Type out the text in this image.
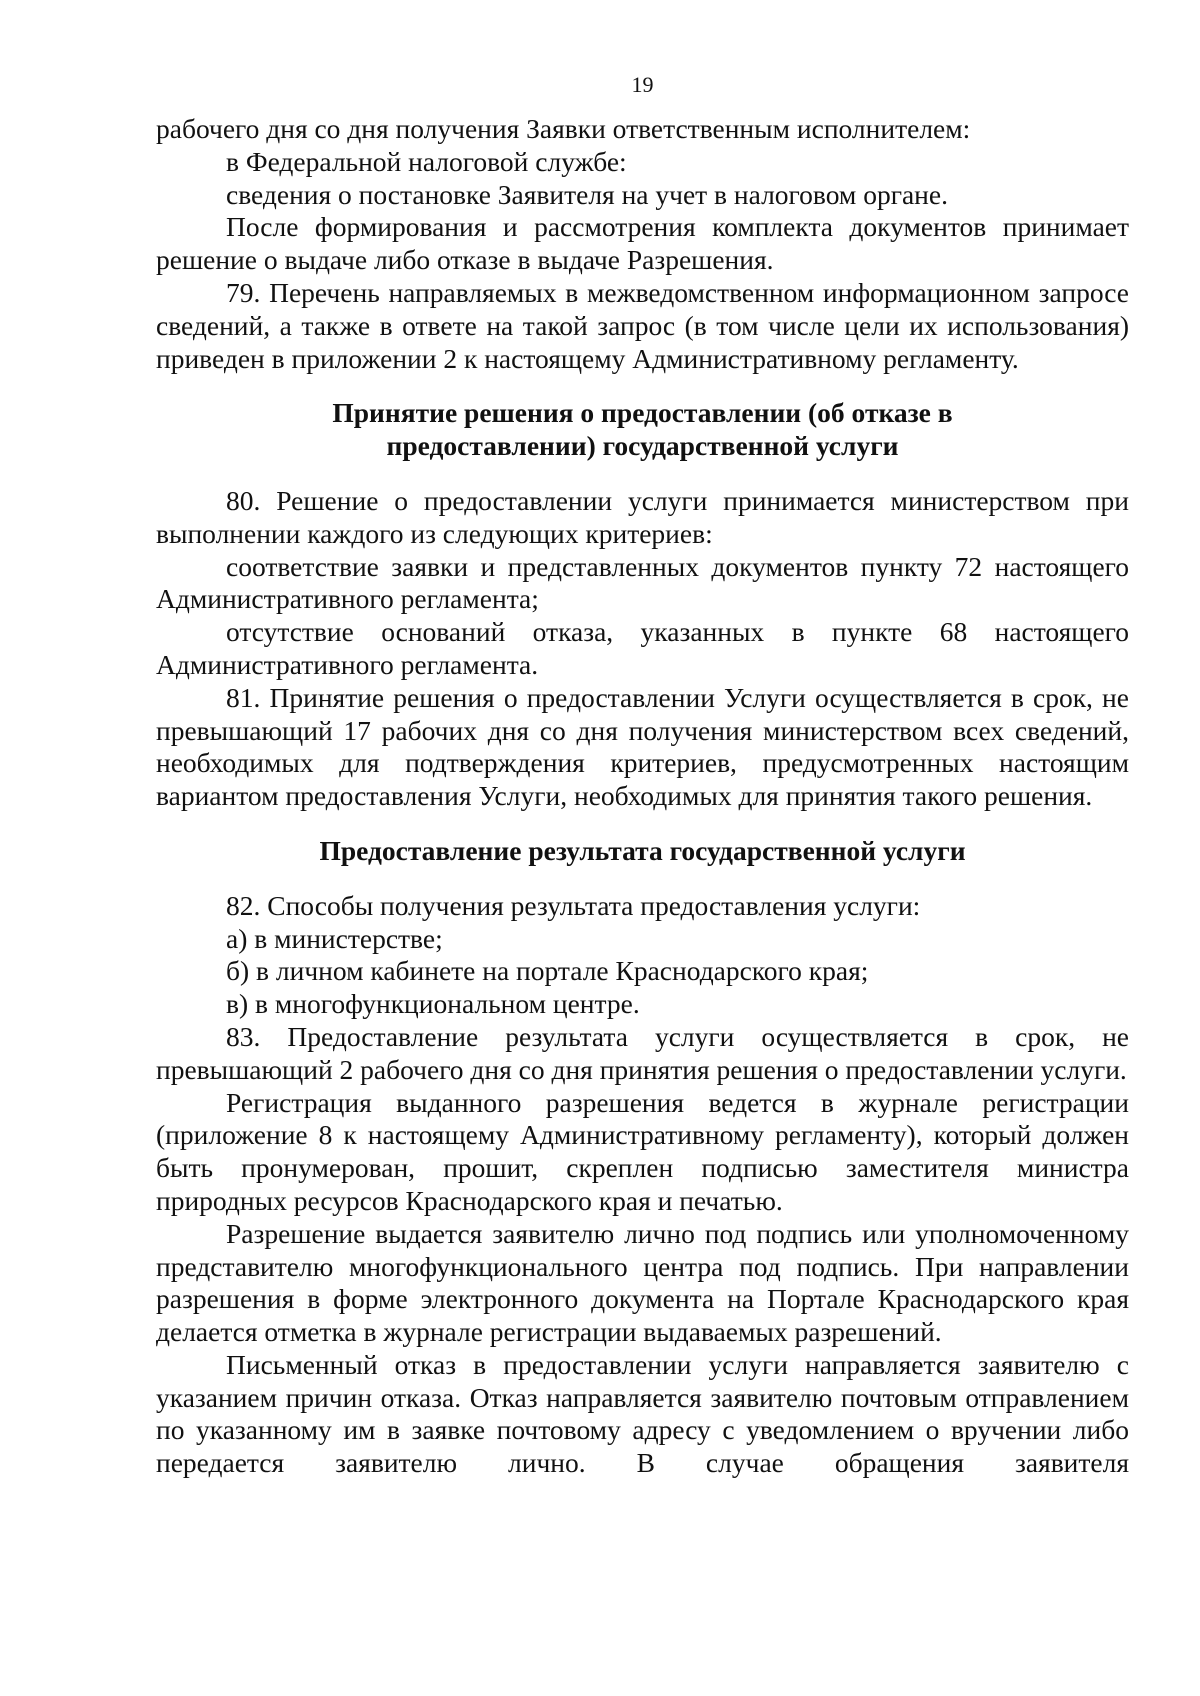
19

рабочего дня со дня получения Заявки ответственным исполнителем:

в Федеральной налоговой службе:

сведения о постановке Заявителя на учет в налоговом органе.

После формирования и рассмотрения комплекта документов принимает решение о выдаче либо отказе в выдаче Разрешения.

79. Перечень направляемых в межведомственном информационном запросе сведений, а также в ответе на такой запрос (в том числе цели их использования) приведен в приложении 2 к настоящему Административному регламенту.

Принятие решения о предоставлении (об отказе в предоставлении) государственной услуги

80. Решение о предоставлении услуги принимается министерством при выполнении каждого из следующих критериев:

соответствие заявки и представленных документов пункту 72 настоящего Административного регламента;

отсутствие оснований отказа, указанных в пункте 68 настоящего Административного регламента.

81. Принятие решения о предоставлении Услуги осуществляется в срок, не превышающий 17 рабочих дня со дня получения министерством всех сведений, необходимых для подтверждения критериев, предусмотренных настоящим вариантом предоставления Услуги, необходимых для принятия такого решения.

Предоставление результата государственной услуги

82. Способы получения результата предоставления услуги:

а) в министерстве;

б) в личном кабинете на портале Краснодарского края;

в) в многофункциональном центре.

83. Предоставление результата услуги осуществляется в срок, не превышающий 2 рабочего дня со дня принятия решения о предоставлении услуги.

Регистрация выданного разрешения ведется в журнале регистрации (приложение 8 к настоящему Административному регламенту), который должен быть пронумерован, прошит, скреплен подписью заместителя министра природных ресурсов Краснодарского края и печатью.

Разрешение выдается заявителю лично под подпись или уполномоченному представителю многофункционального центра под подпись. При направлении разрешения в форме электронного документа на Портале Краснодарского края делается отметка в журнале регистрации выдаваемых разрешений.

Письменный отказ в предоставлении услуги направляется заявителю с указанием причин отказа. Отказ направляется заявителю почтовым отправлением по указанному им в заявке почтовому адресу с уведомлением о вручении либо передается заявителю лично. В случае обращения заявителя
